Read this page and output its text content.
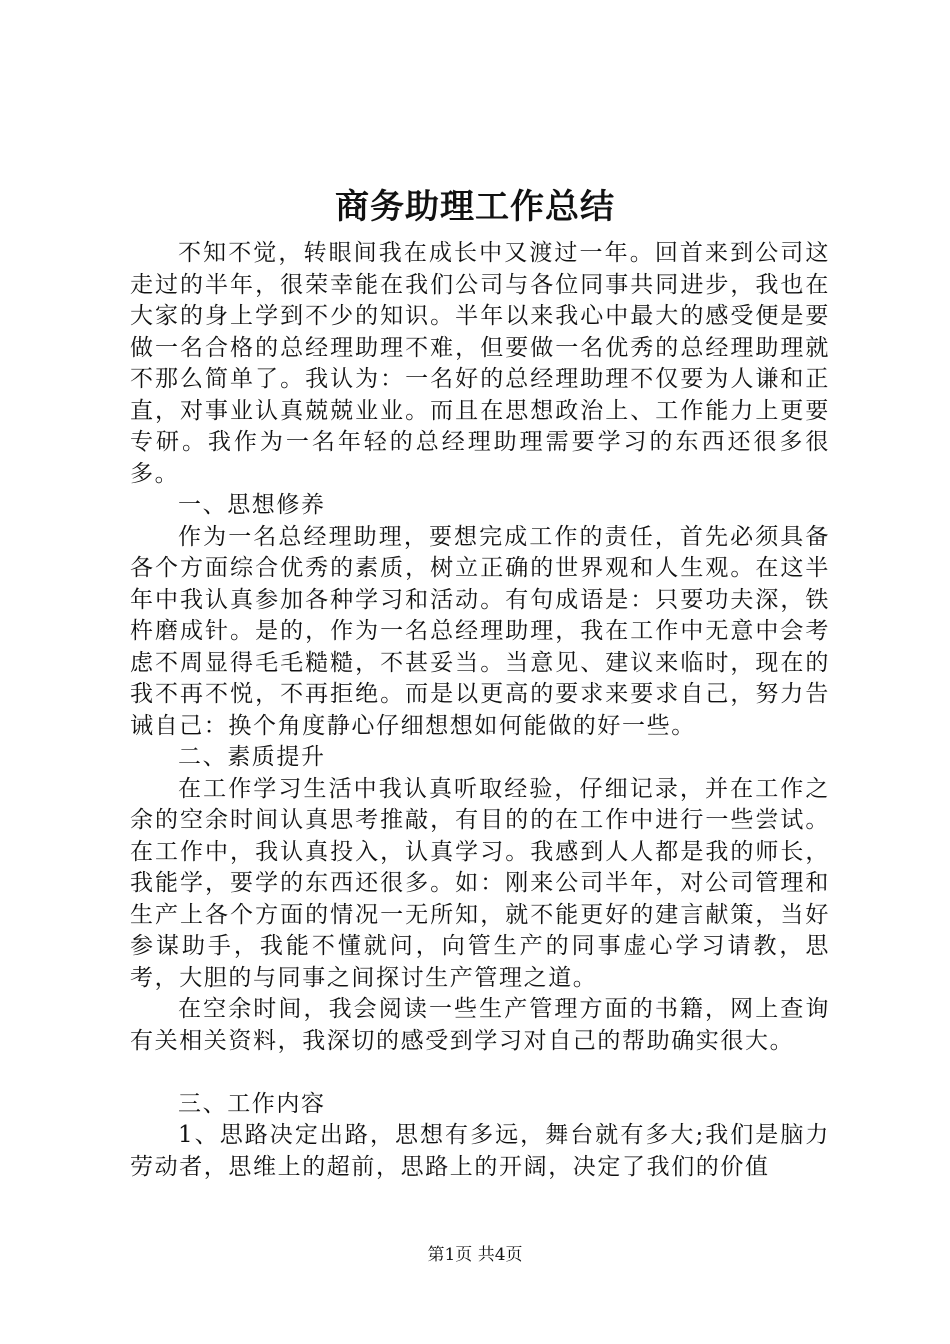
商务助理工作总结

不知不觉，转眼间我在成长中又渡过一年。回首来到公司这走过的半年，很荣幸能在我们公司与各位同事共同进步，我也在大家的身上学到不少的知识。半年以来我心中最大的感受便是要做一名合格的总经理助理不难，但要做一名优秀的总经理助理就不那么简单了。我认为：一名好的总经理助理不仅要为人谦和正直，对事业认真兢兢业业。而且在思想政治上、工作能力上更要专研。我作为一名年轻的总经理助理需要学习的东西还很多很多。

一、思想修养

作为一名总经理助理，要想完成工作的责任，首先必须具备各个方面综合优秀的素质，树立正确的世界观和人生观。在这半年中我认真参加各种学习和活动。有句成语是：只要功夫深，铁杵磨成针。是的，作为一名总经理助理，我在工作中无意中会考虑不周显得毛毛糙糙，不甚妥当。当意见、建议来临时，现在的我不再不悦，不再拒绝。而是以更高的要求来要求自己，努力告诫自己：换个角度静心仔细想想如何能做的好一些。

二、素质提升

在工作学习生活中我认真听取经验，仔细记录，并在工作之余的空余时间认真思考推敲，有目的的在工作中进行一些尝试。在工作中，我认真投入，认真学习。我感到人人都是我的师长，我能学，要学的东西还很多。如：刚来公司半年，对公司管理和生产上各个方面的情况一无所知，就不能更好的建言献策，当好参谋助手，我能不懂就问，向管生产的同事虚心学习请教，思考，大胆的与同事之间探讨生产管理之道。

在空余时间，我会阅读一些生产管理方面的书籍，网上查询有关相关资料，我深切的感受到学习对自己的帮助确实很大。

三、工作内容

1、思路决定出路，思想有多远，舞台就有多大;我们是脑力劳动者，思维上的超前，思路上的开阔，决定了我们的价值

第1页 共4页
